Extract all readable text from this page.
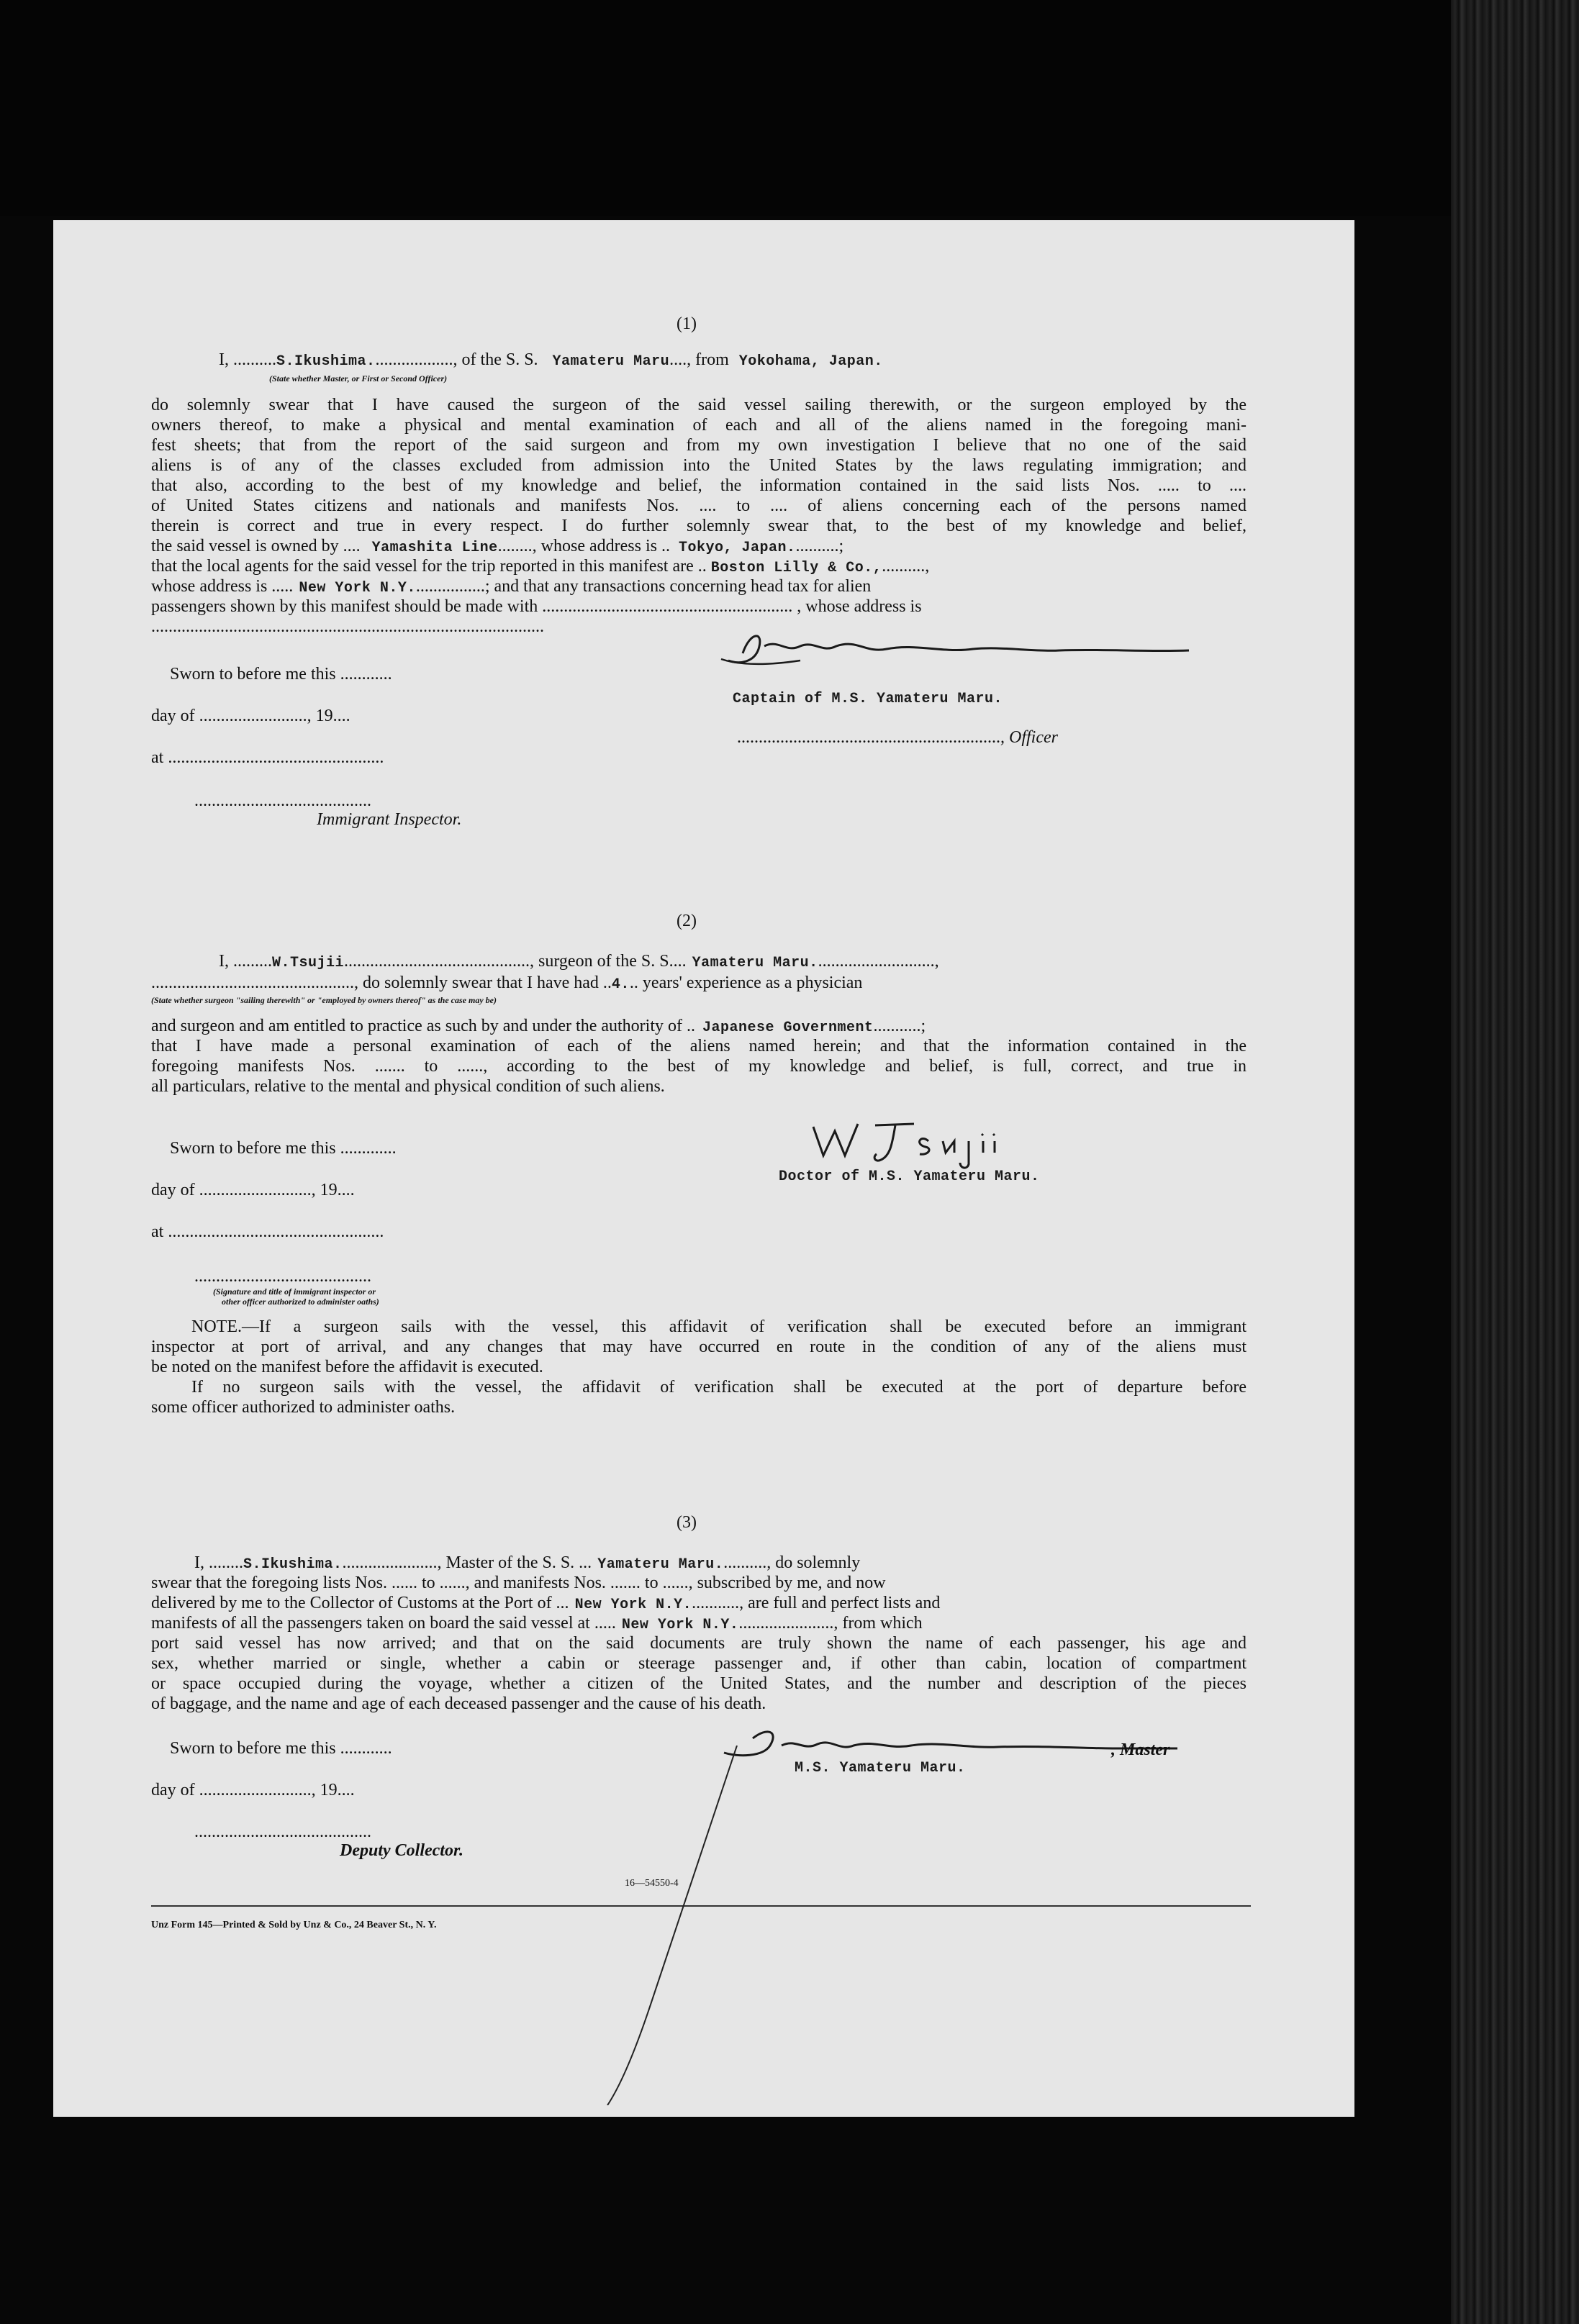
(1)
I, ..........S.Ikushima..................., of the S. S. Yamateru Maru...., from Yokohama, Japan.
(State whether Master, or First or Second Officer)
do solemnly swear that I have caused the surgeon of the said vessel sailing therewith, or the surgeon employed by the
owners thereof, to make a physical and mental examination of each and all of the aliens named in the foregoing mani-
fest sheets; that from the report of the said surgeon and from my own investigation I believe that no one of the said
aliens is of any of the classes excluded from admission into the United States by the laws regulating immigration; and
that also, according to the best of my knowledge and belief, the information contained in the said lists Nos. ..... to ....
of United States citizens and nationals and manifests Nos. .... to .... of aliens concerning each of the persons named
therein is correct and true in every respect. I do further solemnly swear that, to the best of my knowledge and belief,
the said vessel is owned by .... Yamashita Line........, whose address is .. Tokyo, Japan...........;
that the local agents for the said vessel for the trip reported in this manifest are .. Boston Lilly & Co.,..........,
whose address is ..... New York N.Y.................; and that any transactions concerning head tax for alien
passengers shown by this manifest should be made with .......................................................... , whose address is
...........................................................................................
Sworn to before me this ............
day of ........................., 19....
at ..................................................
.........................................
Immigrant Inspector.
Captain of M.S. Yamateru Maru.
............................................................., Officer
(2)
I, .........W.Tsujii..........................................., surgeon of the S. S.... Yamateru Maru............................,
..............................................., do solemnly swear that I have had ..4... years' experience as a physician
(State whether surgeon "sailing therewith" or "employed by owners thereof" as the case may be)
and surgeon and am entitled to practice as such by and under the authority of .. Japanese Government...........;
that I have made a personal examination of each of the aliens named herein; and that the information contained in the
foregoing manifests Nos. ....... to ......, according to the best of my knowledge and belief, is full, correct, and true in
all particulars, relative to the mental and physical condition of such aliens.
Sworn to before me this .............
Doctor of M.S. Yamateru Maru.
day of .........................., 19....
at ..................................................
.........................................
(Signature and title of immigrant inspector or
other officer authorized to administer oaths)
NOTE.—If a surgeon sails with the vessel, this affidavit of verification shall be executed before an immigrant
inspector at port of arrival, and any changes that may have occurred en route in the condition of any of the aliens must
be noted on the manifest before the affidavit is executed.
If no surgeon sails with the vessel, the affidavit of verification shall be executed at the port of departure before
some officer authorized to administer oaths.
(3)
I, ........S.Ikushima......................., Master of the S. S. ... Yamateru Maru..........., do solemnly
swear that the foregoing lists Nos. ...... to ......, and manifests Nos. ....... to ......, subscribed by me, and now
delivered by me to the Collector of Customs at the Port of ... New York N.Y............, are full and perfect lists and
manifests of all the passengers taken on board the said vessel at ..... New York N.Y......................., from which
port said vessel has now arrived; and that on the said documents are truly shown the name of each passenger, his age and
sex, whether married or single, whether a cabin or steerage passenger and, if other than cabin, location of compartment
or space occupied during the voyage, whether a citizen of the United States, and the number and description of the pieces
of baggage, and the name and age of each deceased passenger and the cause of his death.
Sworn to before me this ............	, Master
M.S. Yamateru Maru.
day of .........................., 19....
.........................................
Deputy Collector.
16—54550-4
Unz Form 145—Printed & Sold by Unz & Co., 24 Beaver St., N. Y.
